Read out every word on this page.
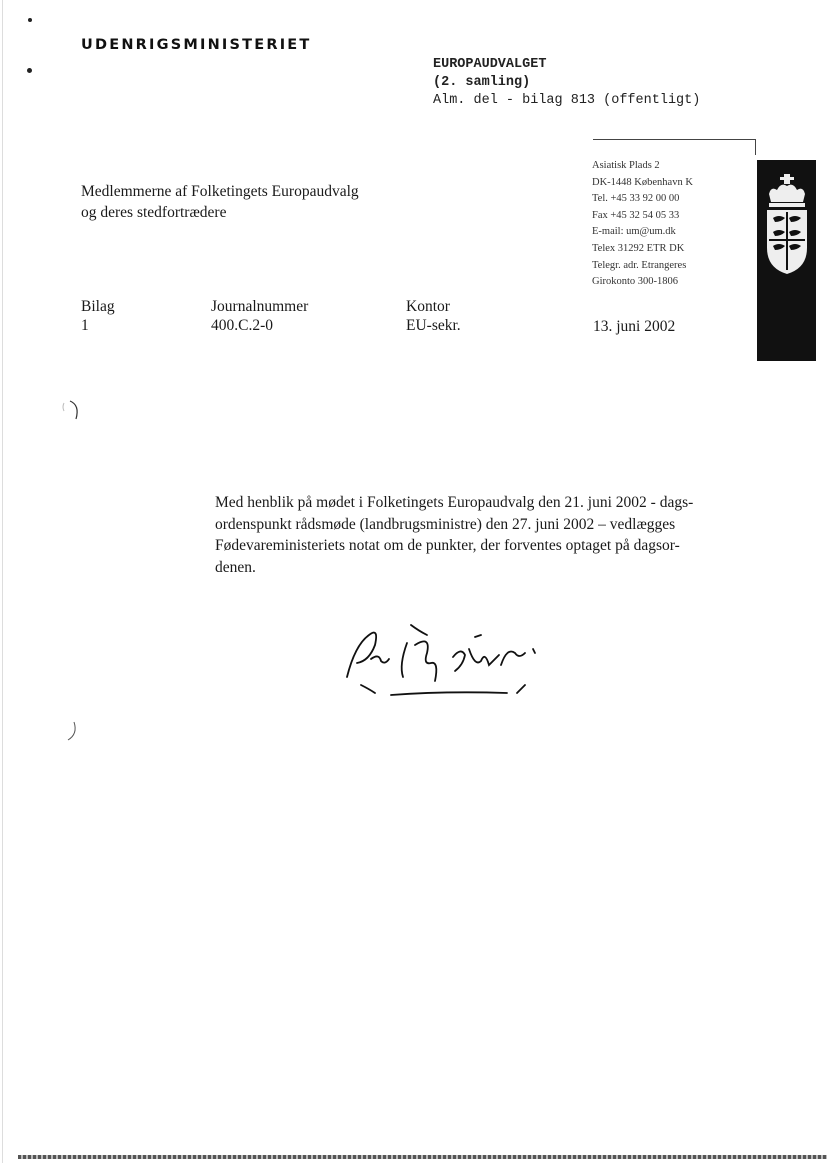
UDENRIGSMINISTERIET
EUROPAUDVALGET
(2. samling)
Alm. del - bilag 813 (offentligt)
Medlemmerne af Folketingets Europaudvalg
og deres stedfortrædere
Asiatisk Plads 2
DK-1448 København K
Tel. +45 33 92 00 00
Fax +45 32 54 05 33
E-mail: um@um.dk
Telex 31292 ETR DK
Telegr. adr. Etrangeres
Girokonto 300-1806
Bilag
1
Journalnummer
400.C.2-0
Kontor
EU-sekr.	13. juni 2002

Med henblik på mødet i Folketingets Europaudvalg den 21. juni 2002 - dags-

ordenspunkt rådsmøde (landbrugsministre) den 27. juni 2002 – vedlægges

Fødevareministeriets notat om de punkter, der forventes optaget på dagsor-

denen.
